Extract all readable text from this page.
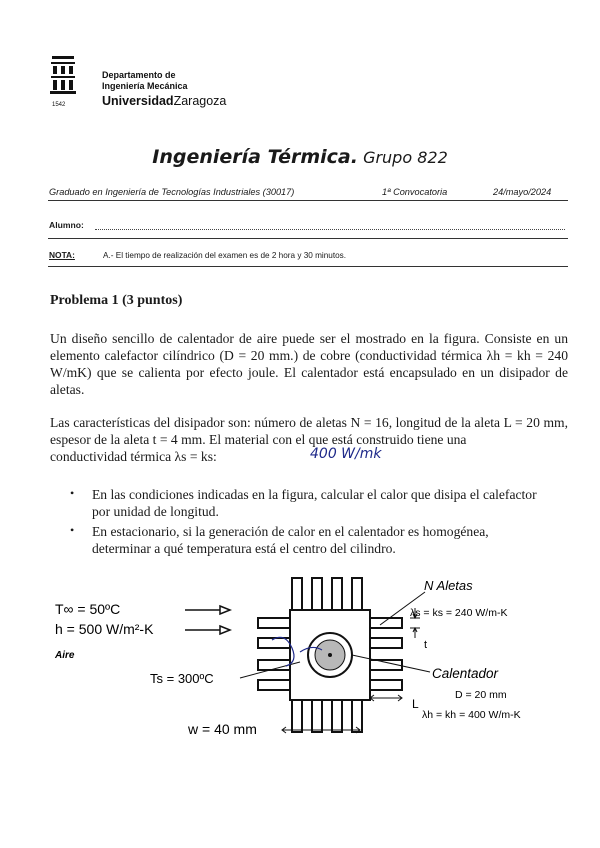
1542
Departamento de
Ingeniería Mecánica
UniversidadZaragoza
Ingeniería Térmica. Grupo 822
Graduado en Ingeniería de Tecnologías Industriales (30017)	1ª Convocatoria	24/mayo/2024
Alumno:
NOTA:	A.- El tiempo de realización del examen es de 2 hora y 30 minutos.
Problema 1 (3 puntos)
Un diseño sencillo de calentador de aire puede ser el mostrado en la figura. Consiste en un elemento calefactor cilíndrico (D = 20 mm.) de cobre (conductividad térmica λh = kh = 240 W/mK) que se calienta por efecto joule. El calentador está encapsulado en un disipador de aletas.
Las características del disipador son: número de aletas N = 16, longitud de la aleta L = 20 mm, espesor de la aleta t = 4 mm. El material con el que está construido tiene una
conductividad térmica λs = ks:	400 W/mk
• En las condiciones indicadas en la figura, calcular el calor que disipa el calefactor por unidad de longitud.
• En estacionario, si la generación de calor en el calentador es homogénea, determinar a qué temperatura está el centro del cilindro.
T∞ = 50ºC
h = 500 W/m²-K
Aire
Ts = 300ºC
N Aletas
λs = ks = 240 W/m-K
t
Calentador
D = 20 mm
L
λh = kh = 400 W/m-K
w = 40 mm
